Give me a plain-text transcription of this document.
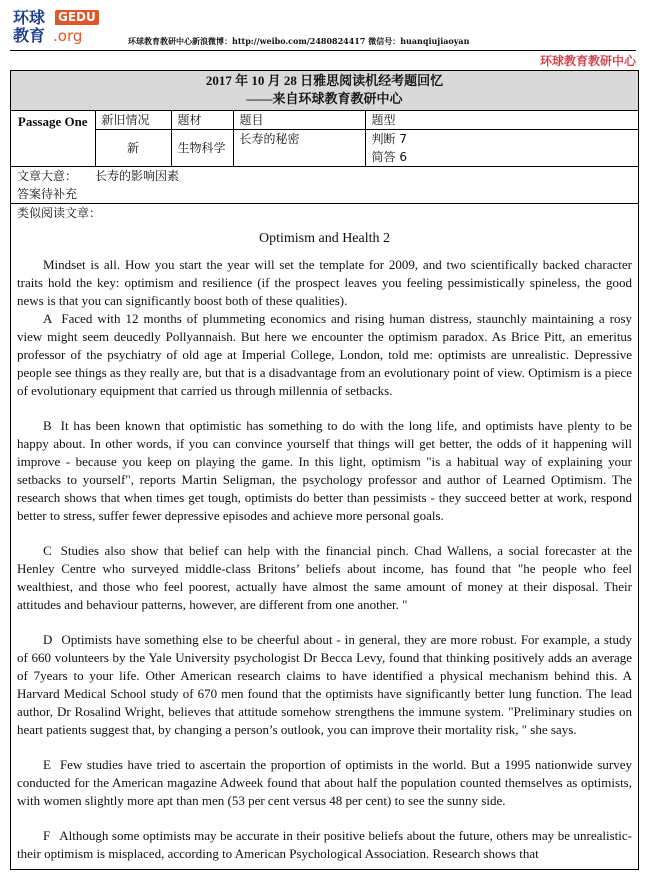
环球
教育
GEDU
.org	环球教育教研中心新浪微博：http://weibo.com/2480824417 微信号：huanqiujiaoyan
环球教育教研中心
2017 年 10 月 28 日雅思阅读机经考题回忆
——来自环球教育教研中心
Passage One	新旧情况	题材	题目	题型
	新	生物科学	长寿的秘密	判断 7
简答 6
文章大意： 长寿的影响因素
答案待补充
类似阅读文章：
Optimism and Health 2

Mindset is all. How you start the year will set the template for 2009, and two scientifically backed character traits hold the key: optimism and resilience (if the prospect leaves you feeling pessimistically spineless, the good news is that you can significantly boost both of these qualities).

A Faced with 12 months of plummeting economics and rising human distress, staunchly maintaining a rosy view might seem deucedly Pollyannaish. But here we encounter the optimism paradox. As Brice Pitt, an emeritus professor of the psychiatry of old age at Imperial College, London, told me: optimists are unrealistic. Depressive people see things as they really are, but that is a disadvantage from an evolutionary point of view. Optimism is a piece of evolutionary equipment that carried us through millennia of setbacks.

B It has been known that optimistic has something to do with the long life, and optimists have plenty to be happy about. In other words, if you can convince yourself that things will get better, the odds of it happening will improve - because you keep on playing the game. In this light, optimism "is a habitual way of explaining your setbacks to yourself", reports Martin Seligman, the psychology professor and author of Learned Optimism. The research shows that when times get tough, optimists do better than pessimists - they succeed better at work, respond better to stress, suffer fewer depressive episodes and achieve more personal goals.

C Studies also show that belief can help with the financial pinch. Chad Wallens, a social forecaster at the Henley Centre who surveyed middle-class Britons’ beliefs about income, has found that "he people who feel wealthiest, and those who feel poorest, actually have almost the same amount of money at their disposal. Their attitudes and behaviour patterns, however, are different from one another. "

D Optimists have something else to be cheerful about - in general, they are more robust. For example, a study of 660 volunteers by the Yale University psychologist Dr Becca Levy, found that thinking positively adds an average of 7years to your life. Other American research claims to have identified a physical mechanism behind this. A Harvard Medical School study of 670 men found that the optimists have significantly better lung function. The lead author, Dr Rosalind Wright, believes that attitude somehow strengthens the immune system. "Preliminary studies on heart patients suggest that, by changing a person’s outlook, you can improve their mortality risk, " she says.

E Few studies have tried to ascertain the proportion of optimists in the world. But a 1995 nationwide survey conducted for the American magazine Adweek found that about half the population counted themselves as optimists, with women slightly more apt than men (53 per cent versus 48 per cent) to see the sunny side.

F Although some optimists may be accurate in their positive beliefs about the future, others may be unrealistic-their optimism is misplaced, according to American Psychological Association. Research shows that
